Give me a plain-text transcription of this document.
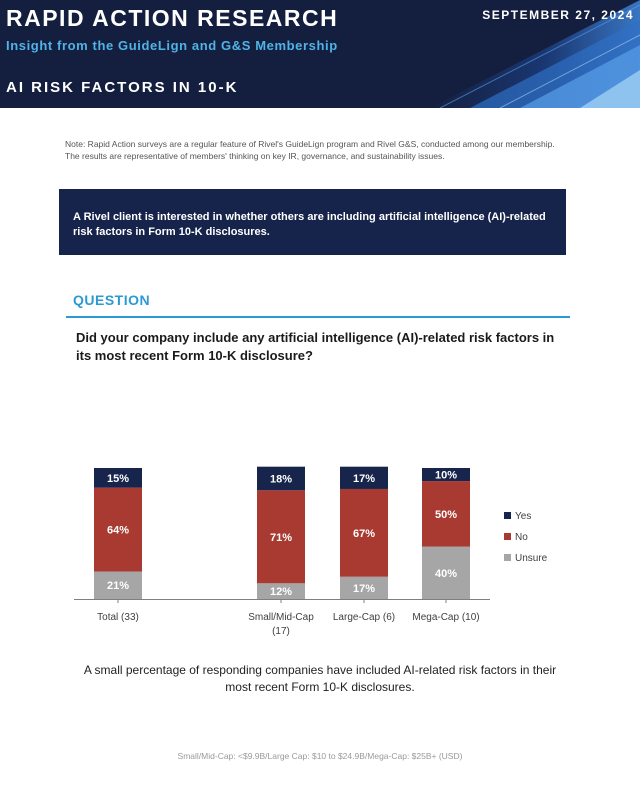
RAPID ACTION RESEARCH
Insight from the GuideLign and G&S Membership
AI RISK FACTORS IN 10-K
SEPTEMBER 27, 2024
Note: Rapid Action surveys are a regular feature of Rivel's GuideLign program and Rivel G&S, conducted among our membership. The results are representative of members' thinking on key IR, governance, and sustainability issues.
A Rivel client is interested in whether others are including artificial intelligence (AI)-related risk factors in Form 10-K disclosures.
QUESTION
Did your company include any artificial intelligence (AI)-related risk factors in its most recent Form 10-K disclosure?
21%
64%
15%
Total (33)
12%
71%
18%
Small/Mid-Cap
(17)
17%
67%
17%
Large-Cap (6)
40%
50%
10%
Mega-Cap (10)
Yes
No
Unsure
A small percentage of responding companies have included AI-related risk factors in their most recent Form 10-K disclosures.
Small/Mid-Cap: <$9.9B/Large Cap: $10 to $24.9B/Mega-Cap: $25B+ (USD)
